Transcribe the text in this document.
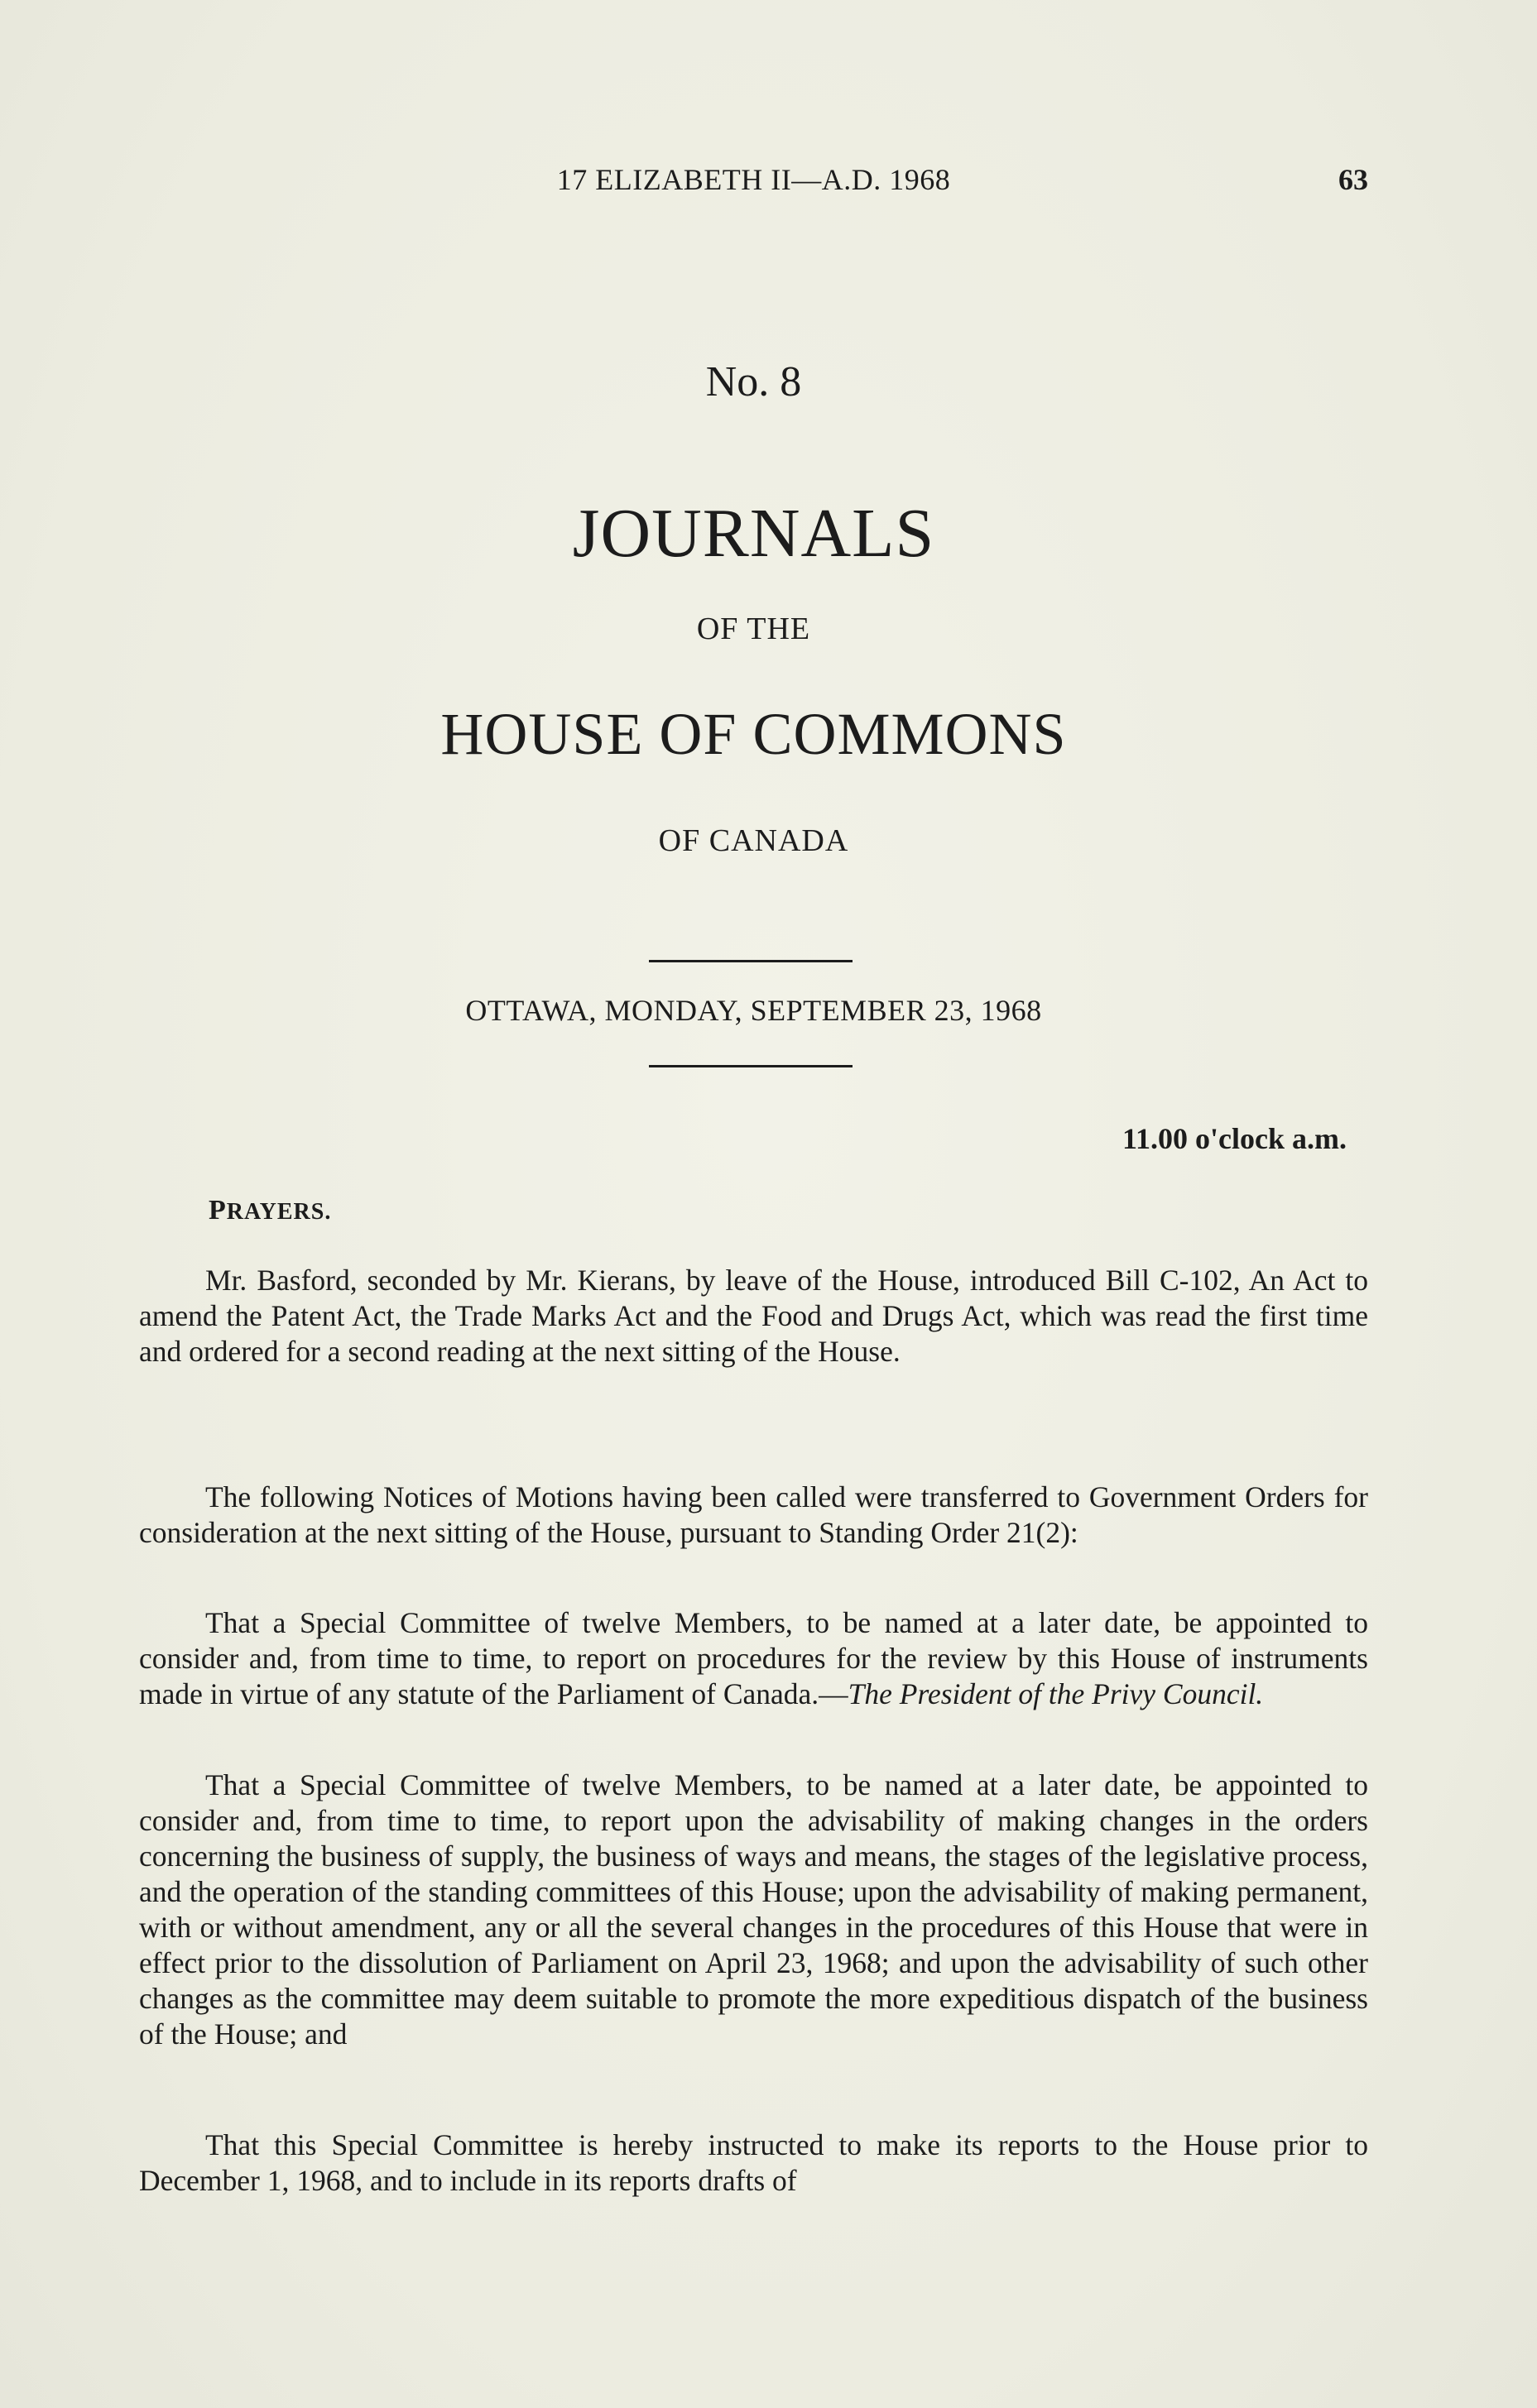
17 ELIZABETH II—A.D. 1968	63
No. 8
JOURNALS
OF THE
HOUSE OF COMMONS
OF CANADA
OTTAWA, MONDAY, SEPTEMBER 23, 1968
11.00 o'clock a.m.
PRAYERS.

Mr. Basford, seconded by Mr. Kierans, by leave of the House, introduced Bill C-102, An Act to amend the Patent Act, the Trade Marks Act and the Food and Drugs Act, which was read the first time and ordered for a second reading at the next sitting of the House.

The following Notices of Motions having been called were transferred to Government Orders for consideration at the next sitting of the House, pursuant to Standing Order 21(2):

That a Special Committee of twelve Members, to be named at a later date, be appointed to consider and, from time to time, to report on procedures for the review by this House of instruments made in virtue of any statute of the Parliament of Canada.—The President of the Privy Council.

That a Special Committee of twelve Members, to be named at a later date, be appointed to consider and, from time to time, to report upon the advisability of making changes in the orders concerning the business of supply, the business of ways and means, the stages of the legislative process, and the operation of the standing committees of this House; upon the advisability of making permanent, with or without amendment, any or all the several changes in the procedures of this House that were in effect prior to the dissolution of Parliament on April 23, 1968; and upon the advisability of such other changes as the committee may deem suitable to promote the more expeditious dispatch of the business of the House; and

That this Special Committee is hereby instructed to make its reports to the House prior to December 1, 1968, and to include in its reports drafts of
